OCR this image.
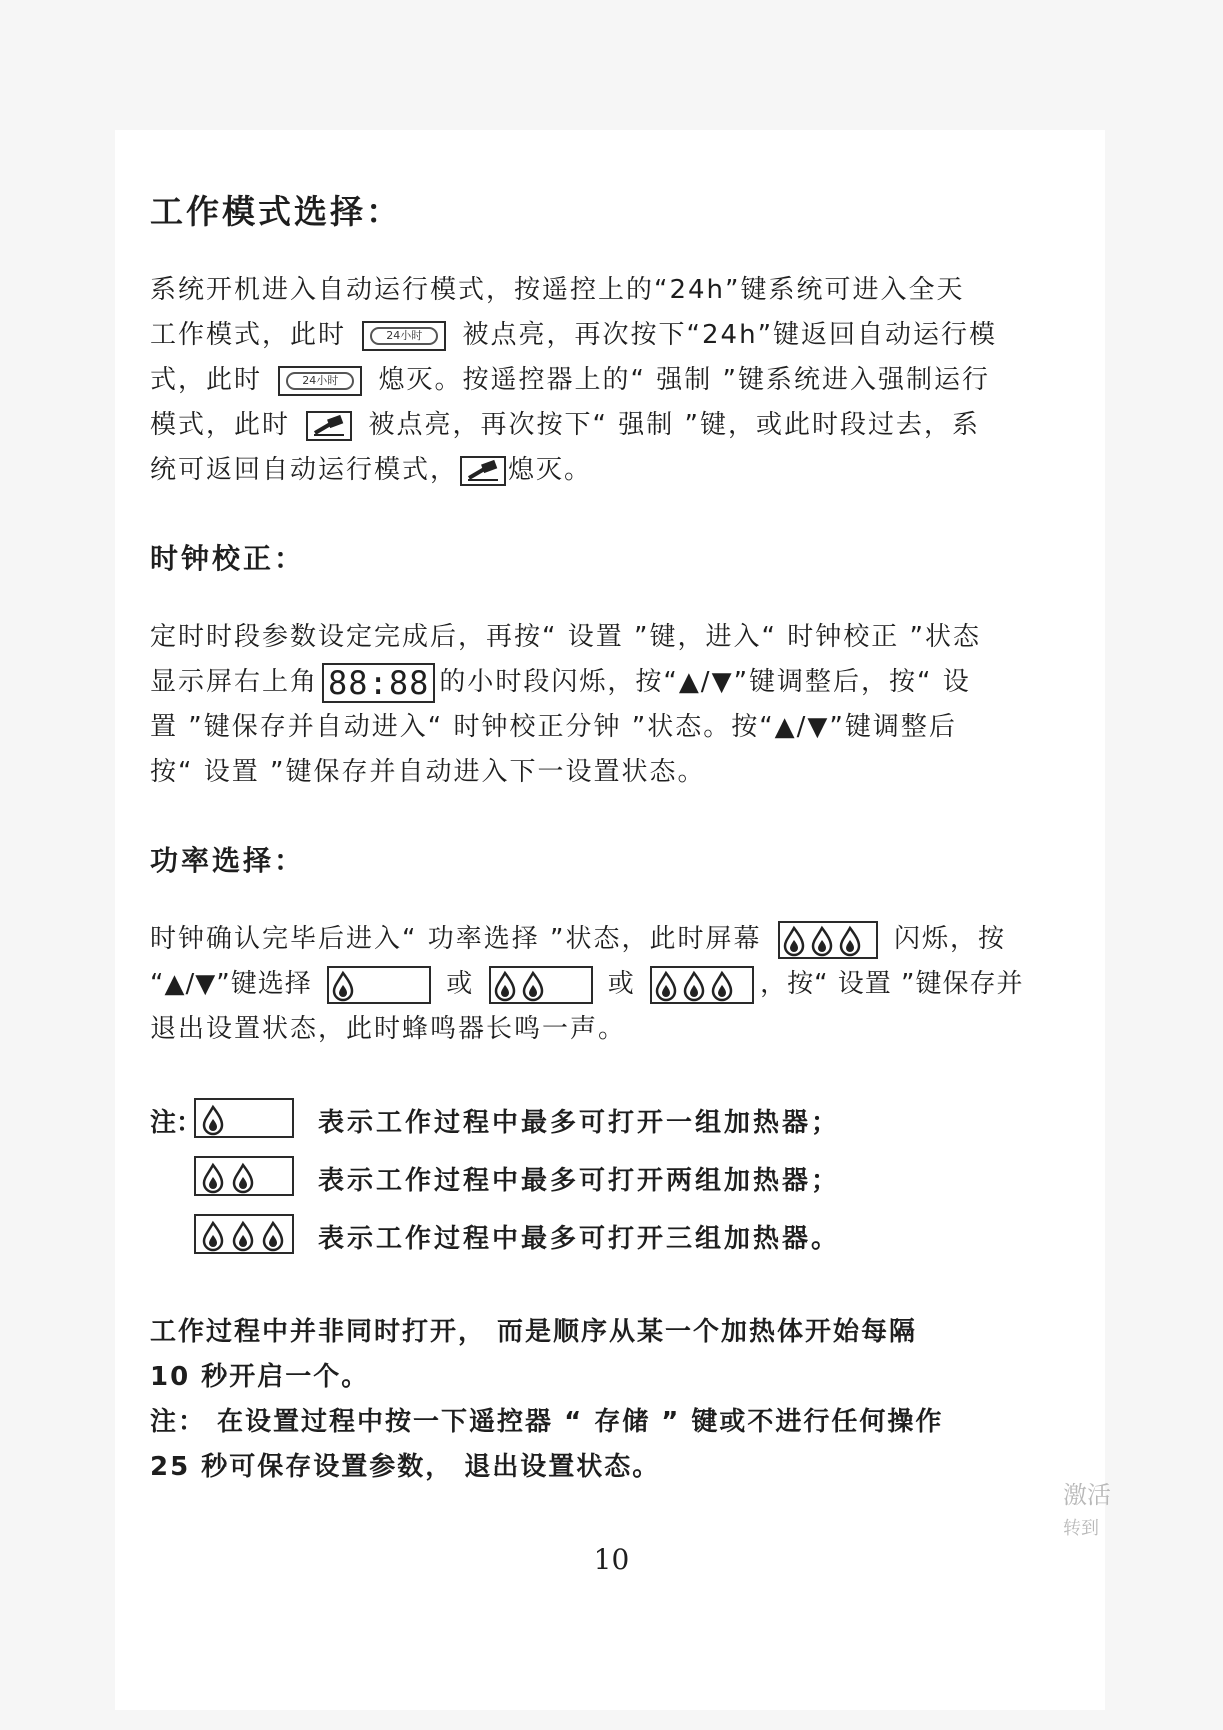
工作模式选择：

系统开机进入自动运行模式，按遥控上的“24h”键系统可进入全天

工作模式，此时	24小时	被点亮，再次按下“24h”键返回自动运行模

式，此时	24小时	熄灭。按遥控器上的“ 强制 ”键系统进入强制运行

模式，此时	被点亮，再次按下“ 强制 ”键，或此时段过去，系

统可返回自动运行模式， 熄灭。

时钟校正：

定时时段参数设定完成后，再按“ 设置 ”键，进入“ 时钟校正 ”状态

显示屏右上角 88:88 的小时段闪烁，按“▲/▼”键调整后，按“ 设

置 ”键保存并自动进入“ 时钟校正分钟 ”状态。按“▲/▼”键调整后

按“ 设置 ”键保存并自动进入下一设置状态。

功率选择：

时钟确认完毕后进入“ 功率选择 ”状态，此时屏幕	闪烁，按

“▲/▼”键选择	或	或	，按“ 设置 ”键保存并

退出设置状态，此时蜂鸣器长鸣一声。

注：	表示工作过程中最多可打开一组加热器；
表示工作过程中最多可打开两组加热器；
表示工作过程中最多可打开三组加热器。

工作过程中并非同时打开， 而是顺序从某一个加热体开始每隔

10 秒开启一个。

注： 在设置过程中按一下遥控器 “ 存储 ” 键或不进行任何操作

25 秒可保存设置参数， 退出设置状态。

10
激活
转到
